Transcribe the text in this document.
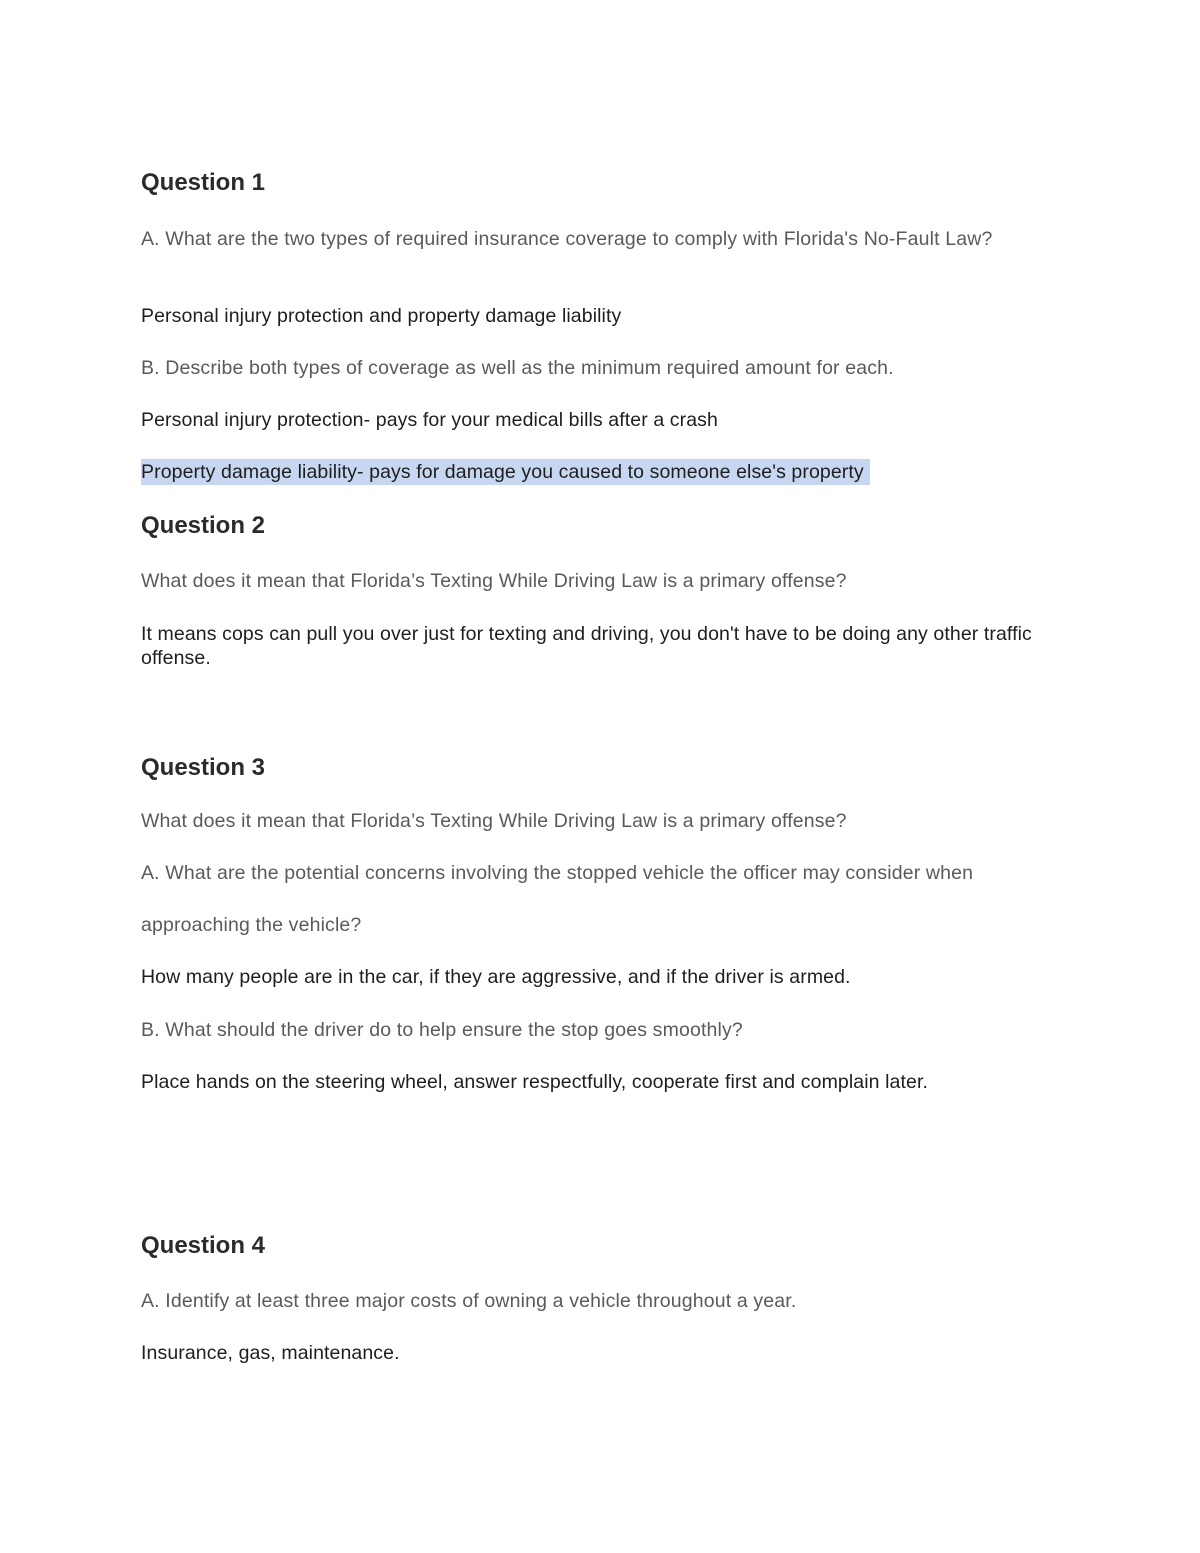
Question 1
A. What are the two types of required insurance coverage to comply with Florida's No-Fault Law?
Personal injury protection and property damage liability
B. Describe both types of coverage as well as the minimum required amount for each.
Personal injury protection- pays for your medical bills after a crash
Property damage liability- pays for damage you caused to someone else's property
Question 2
What does it mean that Florida’s Texting While Driving Law is a primary offense?
It means cops can pull you over just for texting and driving, you don't have to be doing any other traffic offense.
Question 3
What does it mean that Florida’s Texting While Driving Law is a primary offense?
A. What are the potential concerns involving the stopped vehicle the officer may consider when
approaching the vehicle?
How many people are in the car, if they are aggressive, and if the driver is armed.
B. What should the driver do to help ensure the stop goes smoothly?
Place hands on the steering wheel, answer respectfully, cooperate first and complain later.
Question 4
A. Identify at least three major costs of owning a vehicle throughout a year.
Insurance, gas, maintenance.
